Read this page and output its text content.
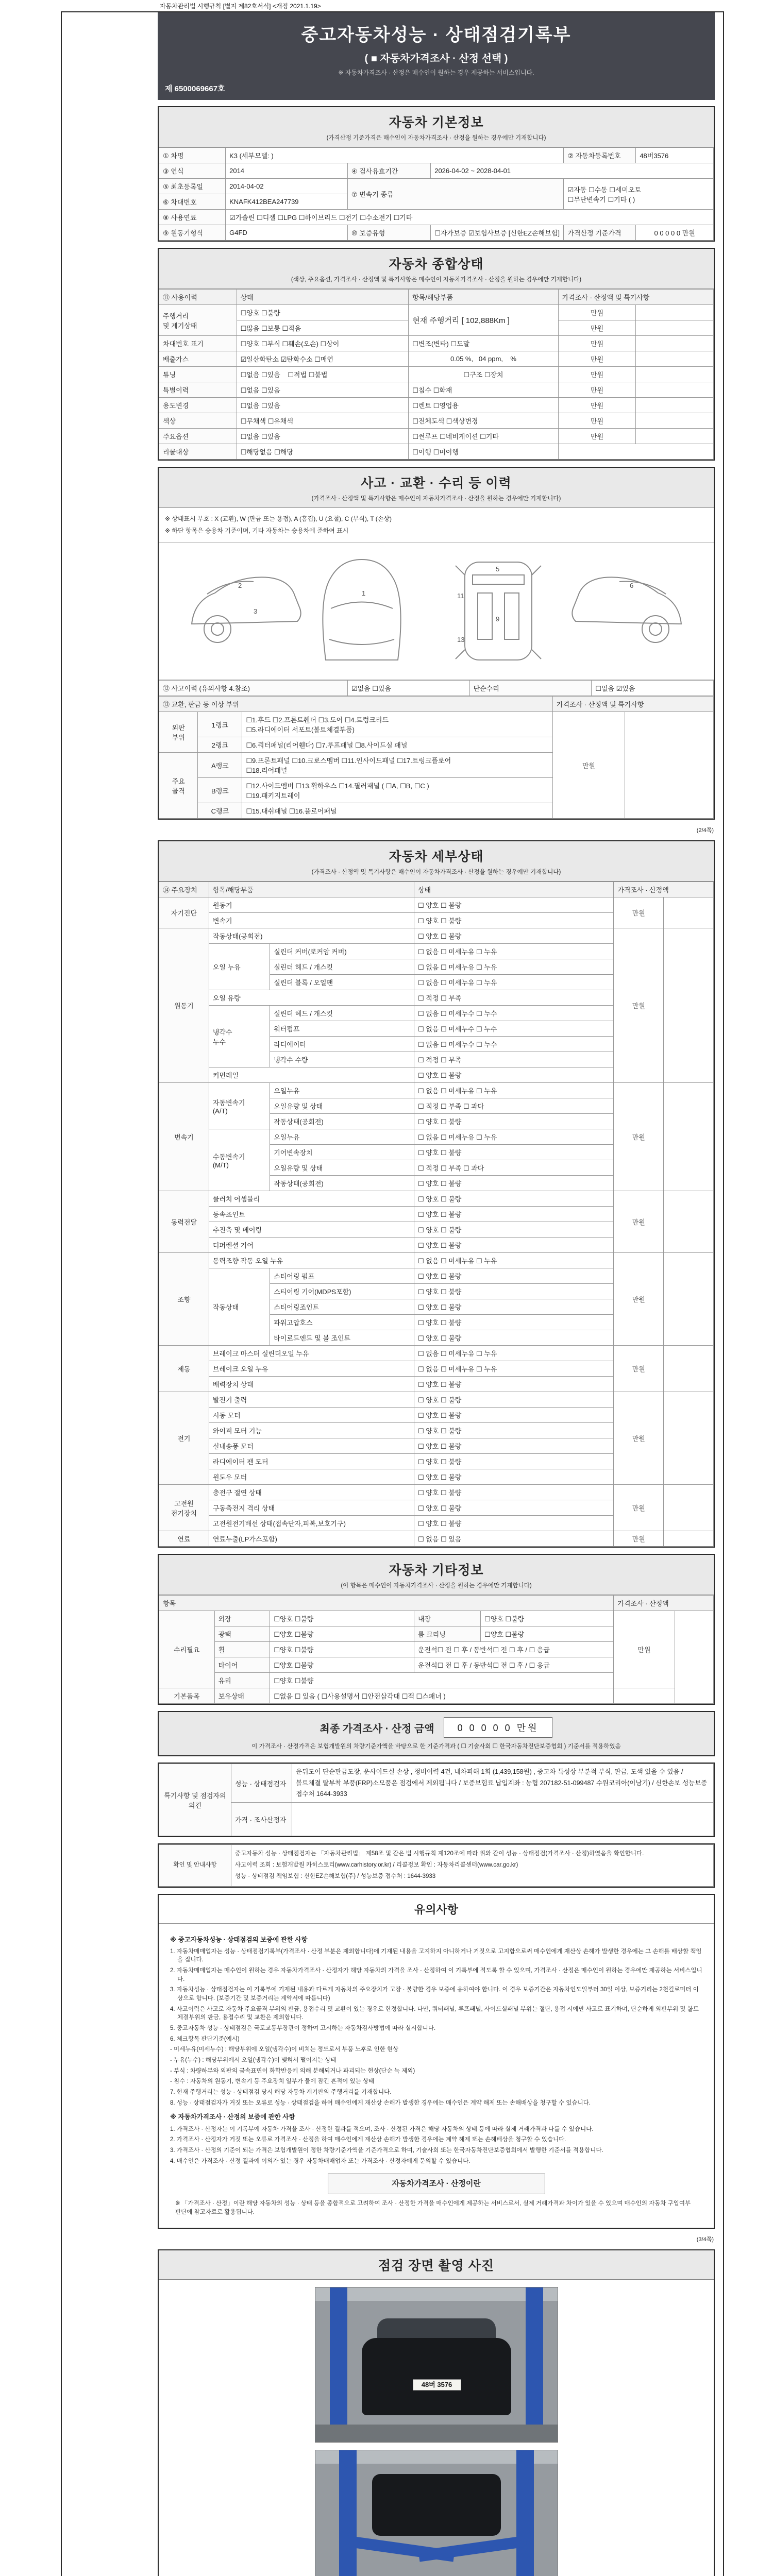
자동차관리법 시행규칙 [별지 제82호서식] <개정 2021.1.19>
중고자동차성능 · 상태점검기록부
( ■ 자동차가격조사 · 산정 선택 )
※ 자동차가격조사 · 산정은 매수인이 원하는 경우 제공하는 서비스입니다.
제 6500069667호
자동차 기본정보
(가격산정 기준가격은 매수인이 자동차가격조사 · 산정을 원하는 경우에만 기재합니다)
① 차명	K3 (세부모델: )			② 자동차등록번호	48버3576
③ 연식	2014	④ 검사유효기간	2026-04-02 ~ 2028-04-01		
⑤ 최초등록일	2014-04-02	⑦ 변속기 종류		☑자동 ☐수동 ☐세미오토
☐무단변속기 ☐기타 ( )	
⑥ 차대번호	KNAFK412BEA247739				
⑧ 사용연료	☑가솔린 ☐디젤 ☐LPG ☐하이브리드 ☐전기 ☐수소전기 ☐기타				
⑨ 원동기형식	G4FD	⑩ 보증유형	☐자가보증 ☑보험사보증 [신한EZ손해보험]	가격산정 기준가격	0 0 0 0 0 만원
자동차 종합상태
(색상, 주요옵션, 가격조사 · 산정액 및 특기사항은 매수인이 자동차가격조사 · 산정을 원하는 경우에만 기재합니다)
⑪ 사용이력	상태	항목/해당부품	가격조사 · 산정액 및 특기사항	
주행거리
및 계기상태	☐양호 ☐불량	현재 주행거리 [ 102,888Km ]	만원	
	☐많음 ☐보통 ☐적음		만원	
차대번호 표기	☐양호 ☐부식 ☐훼손(오손) ☐상이	☐변조(변타) ☐도말	만원	
배출가스	☑일산화탄소 ☑탄화수소 ☐매연	0.05 %,   04 ppm,    %	만원	
튜닝	☐없음 ☐있음    ☐적법 ☐불법	☐구조 ☐장치	만원	
특별이력	☐없음 ☐있음	☐침수 ☐화재	만원	
용도변경	☐없음 ☐있음	☐렌트 ☐영업용	만원	
색상	☐무채색 ☐유채색	☐전체도색 ☐색상변경	만원	
주요옵션	☐없음 ☐있음	☐썬루프 ☐네비게이션 ☐기타	만원	
리콜대상	☐해당없음 ☐해당	☐이행 ☐미이행		
사고 · 교환 · 수리 등 이력
(가격조사 · 산정액 및 특기사항은 매수인이 자동차가격조사 · 산정을 원하는 경우에만 기재합니다)
※ 상태표시 부호 : X (교환), W (판금 또는 용접), A (흠집), U (요철), C (부식), T (손상)
※ 하단 항목은 승용차 기준이며, 기타 자동차는 승용차에 준하여 표시
1
2
3
5
6
9
11
13
⑫ 사고이력 (유의사항 4.참조)	☑없음 ☐있음	단순수리	☐없음 ☑있음
⑬ 교환, 판금 등 이상 부위			가격조사 · 산정액 및 특기사항	
외판
부위	1랭크	☐1.후드 ☐2.프론트휀더 ☐3.도어 ☐4.트렁크리드
☐5.라디에이터 서포트(볼트체결부품)	만원	
	2랭크	☐6.쿼터패널(리어휀다) ☐7.루프패널 ☐8.사이드실 패널		
주요
골격	A랭크	☐9.프론트패널 ☐10.크로스멤버 ☐11.인사이드패널 ☐17.트렁크플로어
☐18.리어패널		
	B랭크	☐12.사이드멤버 ☐13.휠하우스 ☐14.필러패널 ( ☐A, ☐B, ☐C )
☐19.패키지트레이		
	C랭크	☐15.대쉬패널 ☐16.플로어패널		
(2/4쪽)
자동차 세부상태
(가격조사 · 산정액 및 특기사항은 매수인이 자동차가격조사 · 산정을 원하는 경우에만 기재합니다)
⑭ 주요장치	항목/해당부품		상태	가격조사 · 산정액	
자기진단	원동기		☐ 양호 ☐ 불량	만원	
	변속기		☐ 양호 ☐ 불량		
원동기	작동상태(공회전)		☐ 양호 ☐ 불량	만원	
	오일 누유	실린더 커버(로커암 커버)	☐ 없음 ☐ 미세누유 ☐ 누유		
		실린더 헤드 / 개스킷	☐ 없음 ☐ 미세누유 ☐ 누유		
		실린더 블록 / 오일팬	☐ 없음 ☐ 미세누유 ☐ 누유		
	오일 유량		☐ 적정 ☐ 부족		
	냉각수
누수	실린더 헤드 / 개스킷	☐ 없음 ☐ 미세누수 ☐ 누수		
		워터펌프	☐ 없음 ☐ 미세누수 ☐ 누수		
		라디에이터	☐ 없음 ☐ 미세누수 ☐ 누수		
		냉각수 수량	☐ 적정 ☐ 부족		
	커먼레일		☐ 양호 ☐ 불량		
변속기	자동변속기
(A/T)	오일누유	☐ 없음 ☐ 미세누유 ☐ 누유	만원	
		오일유량 및 상태	☐ 적정 ☐ 부족 ☐ 과다		
		작동상태(공회전)	☐ 양호 ☐ 불량		
	수동변속기
(M/T)	오일누유	☐ 없음 ☐ 미세누유 ☐ 누유		
		기어변속장치	☐ 양호 ☐ 불량		
		오일유량 및 상태	☐ 적정 ☐ 부족 ☐ 과다		
		작동상태(공회전)	☐ 양호 ☐ 불량		
동력전달	클러치 어셈블리		☐ 양호 ☐ 불량	만원	
	등속죠인트		☐ 양호 ☐ 불량		
	추진축 및 베어링		☐ 양호 ☐ 불량		
	디퍼렌셜 기어		☐ 양호 ☐ 불량		
조향	동력조향 작동 오일 누유		☐ 없음 ☐ 미세누유 ☐ 누유	만원	
	작동상태	스티어링 펌프	☐ 양호 ☐ 불량		
		스티어링 기어(MDPS포함)	☐ 양호 ☐ 불량		
		스티어링조인트	☐ 양호 ☐ 불량		
		파워고압호스	☐ 양호 ☐ 불량		
		타이로드엔드 및 볼 조인트	☐ 양호 ☐ 불량		
제동	브레이크 마스터 실린더오일 누유		☐ 없음 ☐ 미세누유 ☐ 누유	만원	
	브레이크 오일 누유		☐ 없음 ☐ 미세누유 ☐ 누유		
	배력장치 상태		☐ 양호 ☐ 불량		
전기	발전기 출력		☐ 양호 ☐ 불량	만원	
	시동 모터		☐ 양호 ☐ 불량		
	와이퍼 모터 기능		☐ 양호 ☐ 불량		
	실내송풍 모터		☐ 양호 ☐ 불량		
	라디에이터 팬 모터		☐ 양호 ☐ 불량		
	윈도우 모터		☐ 양호 ☐ 불량		
고전원
전기장치	충전구 절연 상태		☐ 양호 ☐ 불량	만원	
	구동축전지 격리 상태		☐ 양호 ☐ 불량		
	고전원전기배선 상태(접속단자,피복,보호기구)		☐ 양호 ☐ 불량		
연료	연료누출(LP가스포함)		☐ 없음 ☐ 있음	만원	
자동차 기타정보
(이 항목은 매수인이 자동차가격조사 · 산정을 원하는 경우에만 기재합니다)
항목					가격조사 · 산정액	
수리필요	외장	☐양호 ☐불량	내장	☐양호 ☐불량	만원	
	광택	☐양호 ☐불량	룸 크리닝	☐양호 ☐불량		
	휠	☐양호 ☐불량	운전석☐ 전 ☐ 후 / 동반석☐ 전 ☐ 후 / ☐ 응급			
	타이어	☐양호 ☐불량	운전석☐ 전 ☐ 후 / 동반석☐ 전 ☐ 후 / ☐ 응급			
	유리	☐양호 ☐불량				
기본품목	보유상태	☐없음 ☐ 있음 ( ☐사용설명서 ☐안전삼각대 ☐잭 ☐스패너 )				
최종 가격조사 · 산정 금액	0 0 0 0 0 만원
이 가격조사 · 산정가격은 보험개발원의 차량기준가액을 바탕으로 한 기준가격과 ( ☐ 기술사회 ☐ 한국자동차진단보증협회 ) 기준서를 적용하였음
특기사항 및 점검자의 의견	성능 · 상태점검자	운뒤도어 단순판금도장, 운사이드실 손상 , 정비이력 4건, 내차피해 1회 (1,439,158원) , 중고차 특성상 부분적 부식, 판금, 도색 있을 수 있음 / 볼트체결 탈부착 부품(FRP)소모품은 점검에서 제외됩니다 / 보증보험료 납입계좌 : 농협 207182-51-099487 수원코리아(이남기) / 신한손보 성능보증 접수처 1644-3933
	가격 · 조사산정자	
확인 및 안내사항	
중고자동차 성능 · 상태점검자는 「자동차관리법」 제58조 및 같은 법 시행규칙 제120조에 따라 위와 같이 성능 · 상태점검(가격조사 · 산정)하였음을 확인합니다.
사고이력 조회 : 보험개발원 카히스토리(www.carhistory.or.kr) / 리콜정보 확인 : 자동차리콜센터(www.car.go.kr)
성능 · 상태점검 책임보험 : 신한EZ손해보험(주) / 성능보증 접수처 : 1644-3933
유의사항
※ 중고자동차성능 · 상태점검의 보증에 관한 사항
1. 자동차매매업자는 성능 · 상태점검기록부(가격조사 · 산정 부분은 제외합니다)에 기재된 내용을 고지하지 아니하거나 거짓으로 고지함으로써 매수인에게 재산상 손해가 발생한 경우에는 그 손해를 배상할 책임을 집니다.
2. 자동차매매업자는 매수인이 원하는 경우 자동차가격조사 · 산정자가 해당 자동차의 가격을 조사 · 산정하여 이 기록부에 적도록 할 수 있으며, 가격조사 · 산정은 매수인이 원하는 경우에만 제공하는 서비스입니다.
3. 자동차성능 · 상태점검자는 이 기록부에 기재된 내용과 다르게 자동차의 주요장치가 고장 · 불량한 경우 보증에 응하여야 합니다. 이 경우 보증기간은 자동차인도일부터 30일 이상, 보증거리는 2천킬로미터 이상으로 합니다. (보증기간 및 보증거리는 계약서에 따릅니다)
4. 사고이력은 사고로 자동차 주요골격 부위의 판금, 용접수리 및 교환이 있는 경우로 한정합니다. 다만, 쿼터패널, 루프패널, 사이드실패널 부위는 절단, 용접 시에만 사고로 표기하며, 단순하게 외판부위 및 볼트체결부위의 판금, 용접수리 및 교환은 제외합니다.
5. 중고자동차 성능 · 상태점검은 국토교통부장관이 정하여 고시하는 자동차검사방법에 따라 실시합니다.
6. 체크항목 판단기준(예시)
- 미세누유(미세누수) : 해당부위에 오일(냉각수)이 비치는 정도로서 부품 노후로 인한 현상
- 누유(누수) : 해당부위에서 오일(냉각수)이 맺혀서 떨어지는 상태
- 부식 : 차량하부와 외판의 금속표면이 화학반응에 의해 분해되거나 파괴되는 현상(단순 녹 제외)
- 침수 : 자동차의 원동기, 변속기 등 주요장치 일부가 물에 잠긴 흔적이 있는 상태
7. 현재 주행거리는 성능 · 상태점검 당시 해당 자동차 계기판의 주행거리를 기재합니다.
8. 성능 · 상태점검자가 거짓 또는 오류로 성능 · 상태점검을 하여 매수인에게 재산상 손해가 발생한 경우에는 매수인은 계약 해제 또는 손해배상을 청구할 수 있습니다.
※ 자동차가격조사 · 산정의 보증에 관한 사항
1. 가격조사 · 산정자는 이 기록부에 자동차 가격을 조사 · 산정한 결과를 적으며, 조사 · 산정된 가격은 해당 자동차의 상태 등에 따라 실제 거래가격과 다를 수 있습니다.
2. 가격조사 · 산정자가 거짓 또는 오류로 가격조사 · 산정을 하여 매수인에게 재산상 손해가 발생한 경우에는 계약 해제 또는 손해배상을 청구할 수 있습니다.
3. 가격조사 · 산정의 기준이 되는 가격은 보험개발원이 정한 차량기준가액을 기준가격으로 하며, 기술사회 또는 한국자동차진단보증협회에서 발행한 기준서를 적용합니다.
4. 매수인은 가격조사 · 산정 결과에 이의가 있는 경우 자동차매매업자 또는 가격조사 · 산정자에게 문의할 수 있습니다.
자동차가격조사 · 산정이란
※ 「가격조사 · 산정」이란 해당 자동차의 성능 · 상태 등을 종합적으로 고려하여 조사 · 산정한 가격을 매수인에게 제공하는 서비스로서, 실제 거래가격과 차이가 있을 수 있으며 매수인의 자동차 구입여부 판단에 참고자료로 활용됩니다.
(3/4쪽)
점검 장면 촬영 사진
48버 3576
